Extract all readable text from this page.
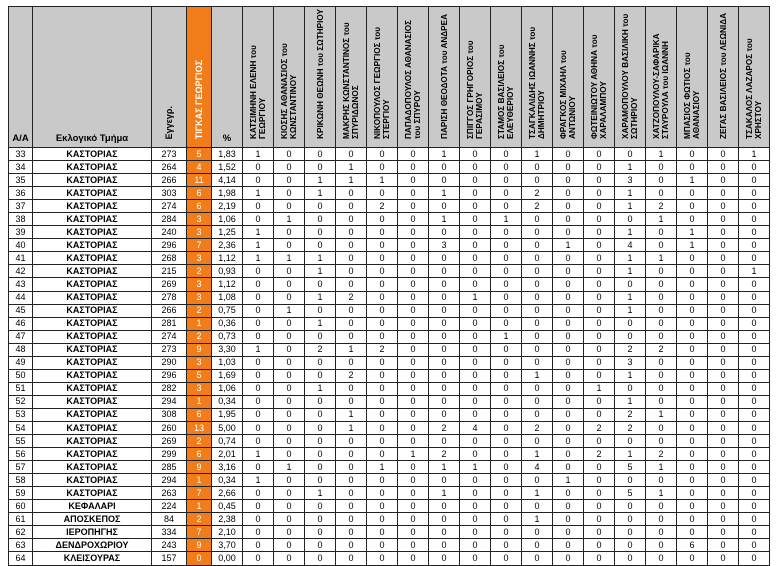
Α/Α	Εκλογικό Τμήμα	Εγγεγρ.	ΤΙΓΚΑΣ ΓΕΩΡΓΙΟΣ	%	ΚΑΤΣΙΜΗΝΗ ΕΛΕΝΗ του ΓΕΩΡΓΙΟΥ	ΚΙΟΣΗΣ ΑΘΑΝΑΣΙΟΣ του ΚΩΝΣΤΑΝΤΙΝΟΥ	ΚΡΙΚΩΝΗ ΘΕΩΝΗ του ΣΩΤΗΡΙΟΥ	ΜΑΚΡΗΣ ΚΩΝΣΤΑΝΤΙΝΟΣ του ΣΠΥΡΙΔΩΝΟΣ	ΝΙΚΟΠΟΥΛΟΣ ΓΕΩΡΓΙΟΣ του ΣΤΕΡΓΙΟΥ	ΠΑΠΑΔΟΠΟΥΛΟΣ ΑΘΑΝΑΣΙΟΣ του ΣΠΥΡΟΥ	ΠΑΡΙΣΗ ΘΕΟΔΟΤΑ του ΑΝΔΡΕΑ	ΣΠΙΓΓΟΣ ΓΡΗΓΟΡΙΟΣ του ΓΕΡΑΣΙΜΟΥ	ΣΤΑΜΟΣ ΒΑΣΙΛΕΙΟΣ του ΕΛΕΥΘΕΡΙΟΥ	ΤΣΑΓΚΑΛΙΔΗΣ ΙΩΑΝΝΗΣ του ΔΗΜΗΤΡΙΟΥ	ΦΡΑΓΚΟΣ ΜΙΧΑΗΛ του ΑΝΤΩΝΙΟΥ	ΦΩΤΕΙΝΙΩΤΟΥ ΑΘΗΝΑ του ΧΑΡΑΛΑΜΠΟΥ	ΧΑΡΑΜΟΠΟΥΛΟΥ ΒΑΣΙΛΙΚΗ του ΣΩΤΗΡΙΟΥ	ΧΑΤΖΟΠΟΥΛΟΥ-ΣΑΦΑΡΙΚΑ ΣΤΑΥΡΟΥΛΑ του ΙΩΑΝΝΗ	ΜΠΑΣΙΟΣ ΦΩΤΙΟΣ του ΑΘΑΝΑΣΙΟΥ	ΖΕΓΑΣ ΒΑΣΙΛΕΙΟΣ του ΛΕΩΝΙΔΑ	ΤΣΑΚΑΛΟΣ ΛΑΖΑΡΟΣ του ΧΡΗΣΤΟΥ
33	ΚΑΣΤΟΡΙΑΣ	273	5	1,83	1	0	0	0	0	0	1	0	0	1	0	0	0	1	0	0	1
34	ΚΑΣΤΟΡΙΑΣ	264	4	1,52	0	0	0	1	0	0	0	0	0	0	0	0	1	0	0	0	0
35	ΚΑΣΤΟΡΙΑΣ	266	11	4,14	0	0	1	1	1	0	0	0	0	0	0	0	3	0	1	0	0
36	ΚΑΣΤΟΡΙΑΣ	303	6	1,98	1	0	1	0	0	0	1	0	0	2	0	0	1	0	0	0	0
37	ΚΑΣΤΟΡΙΑΣ	274	6	2,19	0	0	0	0	2	0	0	0	0	2	0	0	1	2	0	0	0
38	ΚΑΣΤΟΡΙΑΣ	284	3	1,06	0	1	0	0	0	0	1	0	1	0	0	0	0	1	0	0	0
39	ΚΑΣΤΟΡΙΑΣ	240	3	1,25	1	0	0	0	0	0	0	0	0	0	0	0	1	0	1	0	0
40	ΚΑΣΤΟΡΙΑΣ	296	7	2,36	1	0	0	0	0	0	3	0	0	0	1	0	4	0	1	0	0
41	ΚΑΣΤΟΡΙΑΣ	268	3	1,12	1	1	1	0	0	0	0	0	0	0	0	0	1	1	0	0	0
42	ΚΑΣΤΟΡΙΑΣ	215	2	0,93	0	0	1	0	0	0	0	0	0	0	0	0	1	0	0	0	1
43	ΚΑΣΤΟΡΙΑΣ	269	3	1,12	0	0	0	0	0	0	0	0	0	0	0	0	0	0	0	0	0
44	ΚΑΣΤΟΡΙΑΣ	278	3	1,08	0	0	1	2	0	0	0	1	0	0	0	0	1	0	0	0	0
45	ΚΑΣΤΟΡΙΑΣ	266	2	0,75	0	1	0	0	0	0	0	0	0	0	0	0	1	0	0	0	0
46	ΚΑΣΤΟΡΙΑΣ	281	1	0,36	0	0	1	0	0	0	0	0	0	0	0	0	0	0	0	0	0
47	ΚΑΣΤΟΡΙΑΣ	274	2	0,73	0	0	0	0	0	0	0	0	1	0	0	0	0	0	0	0	0
48	ΚΑΣΤΟΡΙΑΣ	273	9	3,30	1	0	2	1	2	0	0	0	0	0	0	0	2	2	0	0	0
49	ΚΑΣΤΟΡΙΑΣ	290	3	1,03	0	0	0	0	0	0	0	0	0	0	0	0	3	0	0	0	0
50	ΚΑΣΤΟΡΙΑΣ	296	5	1,69	0	0	0	2	0	0	0	0	0	1	0	0	1	0	0	0	0
51	ΚΑΣΤΟΡΙΑΣ	282	3	1,06	0	0	1	0	0	0	0	0	0	0	0	1	0	0	0	0	0
52	ΚΑΣΤΟΡΙΑΣ	294	1	0,34	0	0	0	0	0	0	0	0	0	0	0	0	1	0	0	0	0
53	ΚΑΣΤΟΡΙΑΣ	308	6	1,95	0	0	0	1	0	0	0	0	0	0	0	0	2	1	0	0	0
54	ΚΑΣΤΟΡΙΑΣ	260	13	5,00	0	0	0	1	0	0	2	4	0	2	0	2	2	0	0	0	0
55	ΚΑΣΤΟΡΙΑΣ	269	2	0,74	0	0	0	0	0	0	0	0	0	0	0	0	0	0	0	0	0
56	ΚΑΣΤΟΡΙΑΣ	299	6	2,01	1	0	0	0	0	1	2	0	0	1	0	2	1	2	0	0	0
57	ΚΑΣΤΟΡΙΑΣ	285	9	3,16	0	1	0	0	1	0	1	1	0	4	0	0	5	1	0	0	0
58	ΚΑΣΤΟΡΙΑΣ	294	1	0,34	1	0	0	0	0	0	0	0	0	0	1	0	0	0	0	0	0
59	ΚΑΣΤΟΡΙΑΣ	263	7	2,66	0	0	1	0	0	0	1	0	0	1	0	0	5	1	0	0	0
60	ΚΕΦΑΛΑΡΙ	224	1	0,45	0	0	0	0	0	0	0	0	0	0	0	0	0	0	0	0	0
61	ΑΠΟΣΚΕΠΟΣ	84	2	2,38	0	0	0	0	0	0	0	0	0	1	0	0	0	0	0	0	0
62	ΙΕΡΟΠΗΓΗΣ	334	7	2,10	0	0	0	0	0	0	0	0	0	0	0	0	0	0	0	0	0
63	ΔΕΝΔΡΟΧΩΡΙΟΥ	243	9	3,70	0	0	0	0	0	0	0	0	0	0	0	0	0	0	6	0	0
64	ΚΛΕΙΣΟΥΡΑΣ	157	0	0,00	0	0	0	0	0	0	0	0	0	0	0	0	0	0	0	0	0
